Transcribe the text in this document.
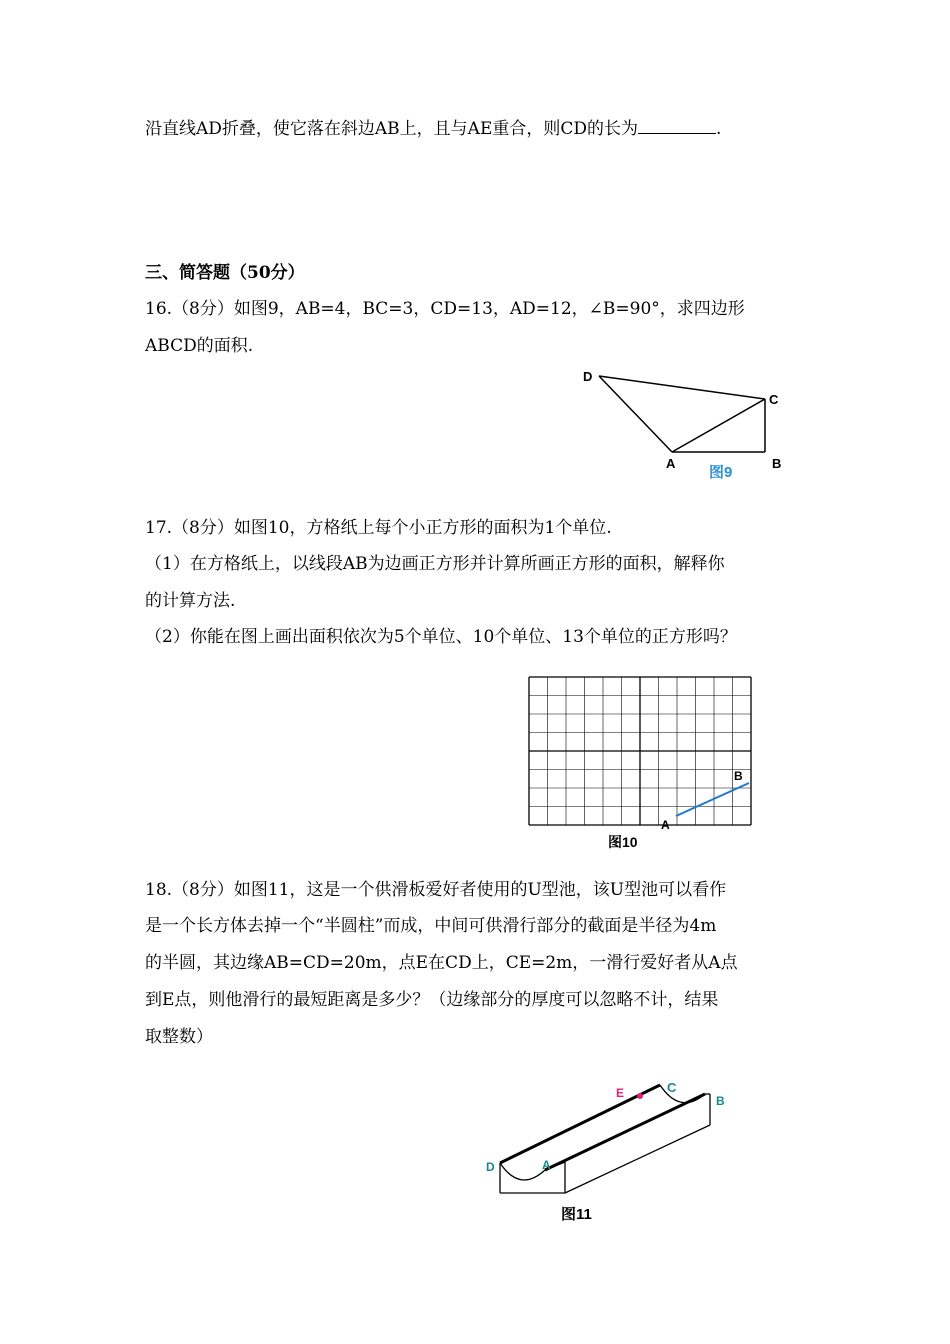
沿直线AD折叠，使它落在斜边AB上，且与AE重合，则CD的长为	.
三、简答题（50分）
16.（8分）如图9，AB=4，BC=3，CD=13，AD=12，∠B=90°，求四边形
ABCD的面积.
D
C
A	B
图9
17.（8分）如图10，方格纸上每个小正方形的面积为1个单位.
（1）在方格纸上，以线段AB为边画正方形并计算所画正方形的面积，解释你
的计算方法.
（2）你能在图上画出面积依次为5个单位、10个单位、13个单位的正方形吗？
A
B
图10
18.（8分）如图11，这是一个供滑板爱好者使用的U型池，该U型池可以看作
是一个长方体去掉一个“半圆柱”而成，中间可供滑行部分的截面是半径为4m
的半圆，其边缘AB=CD=20m，点E在CD上，CE=2m，一滑行爱好者从A点
到E点，则他滑行的最短距离是多少？（边缘部分的厚度可以忽略不计，结果
取整数）
E	C
B
D	A
图11
